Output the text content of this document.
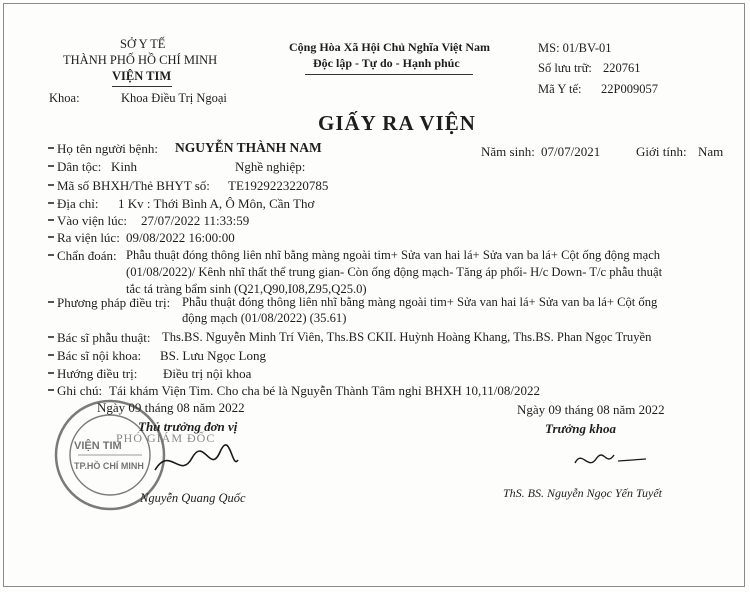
SỞ Y TẾ
THÀNH PHỐ HỒ CHÍ MINH
VIỆN TIM
Khoa:	Khoa Điều Trị Ngoại
Cộng Hòa Xã Hội Chủ Nghĩa Việt Nam
Độc lập - Tự do - Hạnh phúc
MS: 01/BV-01
Số lưu trữ: 220761
Mã Y tế: 22P009057
GIẤY RA VIỆN
Họ tên người bệnh: NGUYỄN THÀNH NAM	Năm sinh: 07/07/2021	Giới tính: Nam
Dân tộc: Kinh	Nghề nghiệp:
Mã số BHXH/Thẻ BHYT số: TE1929223220785
Địa chỉ: 1 Kv : Thới Bình A, Ô Môn, Cần Thơ
Vào viện lúc: 27/07/2022 11:33:59
Ra viện lúc: 09/08/2022 16:00:00
Chẩn đoán: Phẫu thuật đóng thông liên nhĩ bằng màng ngoài tim+ Sửa van hai lá+ Sửa van ba lá+ Cột ống động mạch
(01/08/2022)/ Kênh nhĩ thất thể trung gian- Còn ống động mạch- Tăng áp phổi- H/c Down- T/c phẫu thuật
tắc tá tràng bẩm sinh (Q21,Q90,I08,Z95,Q25.0)
Phương pháp điều trị: Phẫu thuật đóng thông liên nhĩ bằng màng ngoài tim+ Sửa van hai lá+ Sửa van ba lá+ Cột ống
động mạch (01/08/2022) (35.61)
Bác sĩ phẫu thuật: Ths.BS. Nguyễn Minh Trí Viên, Ths.BS CKII. Huỳnh Hoàng Khang, Ths.BS. Phan Ngọc Truyền
Bác sĩ nội khoa: BS. Lưu Ngọc Long
Hướng điều trị: Điều trị nội khoa
Ghi chú: Tái khám Viện Tim. Cho cha bé là Nguyễn Thành Tâm nghỉ BHXH 10,11/08/2022
Ngày 09 tháng 08 năm 2022
Thủ trưởng đơn vị
VIỆN TIM
TP.HỒ CHÍ MINH
PHÓ GIÁM ĐỐC
Nguyễn Quang Quốc
Ngày 09 tháng 08 năm 2022
Trưởng khoa
ThS. BS. Nguyễn Ngọc Yến Tuyết
